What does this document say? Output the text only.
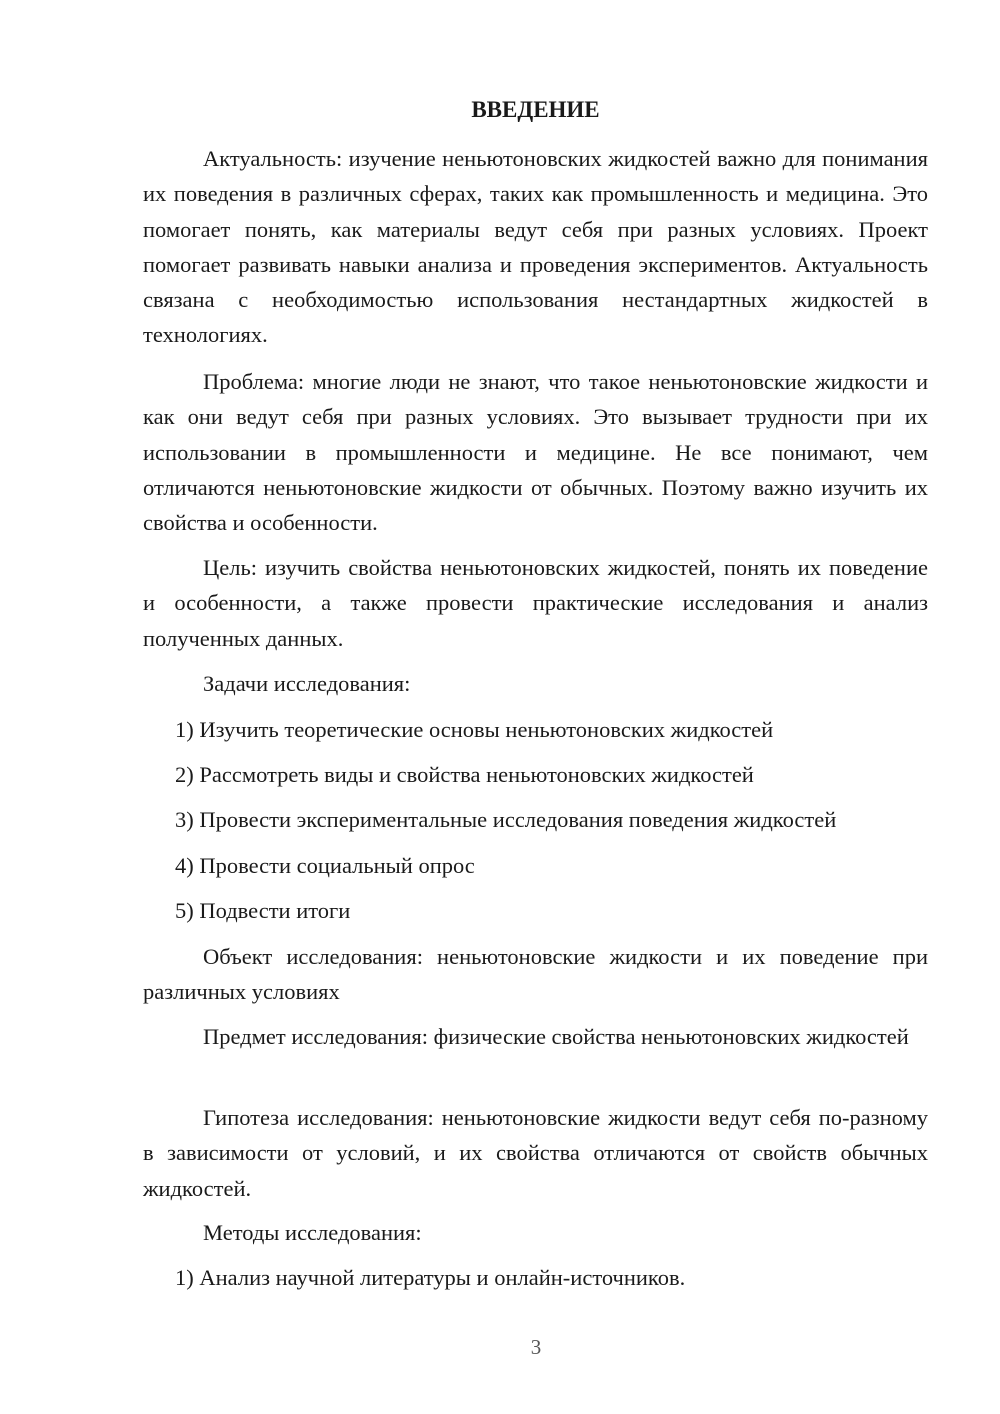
ВВЕДЕНИЕ

Актуальность: изучение неньютоновских жидкостей важно для понимания их поведения в различных сферах, таких как промышленность и медицина. Это помогает понять, как материалы ведут себя при разных условиях. Проект помогает развивать навыки анализа и проведения экспериментов. Актуальность связана с необходимостью использования нестандартных жидкостей в технологиях.

Проблема: многие люди не знают, что такое неньютоновские жидкости и как они ведут себя при разных условиях. Это вызывает трудности при их использовании в промышленности и медицине. Не все понимают, чем отличаются неньютоновские жидкости от обычных. Поэтому важно изучить их свойства и особенности.

Цель: изучить свойства неньютоновских жидкостей, понять их поведение и особенности, а также провести практические исследования и анализ полученных данных.

Задачи исследования:

1) Изучить теоретические основы неньютоновских жидкостей

2) Рассмотреть виды и свойства неньютоновских жидкостей

3) Провести экспериментальные исследования поведения жидкостей

4) Провести социальный опрос

5) Подвести итоги

Объект исследования: неньютоновские жидкости и их поведение при различных условиях

Предмет исследования: физические свойства неньютоновских жидкостей

Гипотеза исследования: неньютоновские жидкости ведут себя по-разному в зависимости от условий, и их свойства отличаются от свойств обычных жидкостей.

Методы исследования:

1) Анализ научной литературы и онлайн-источников.

3
